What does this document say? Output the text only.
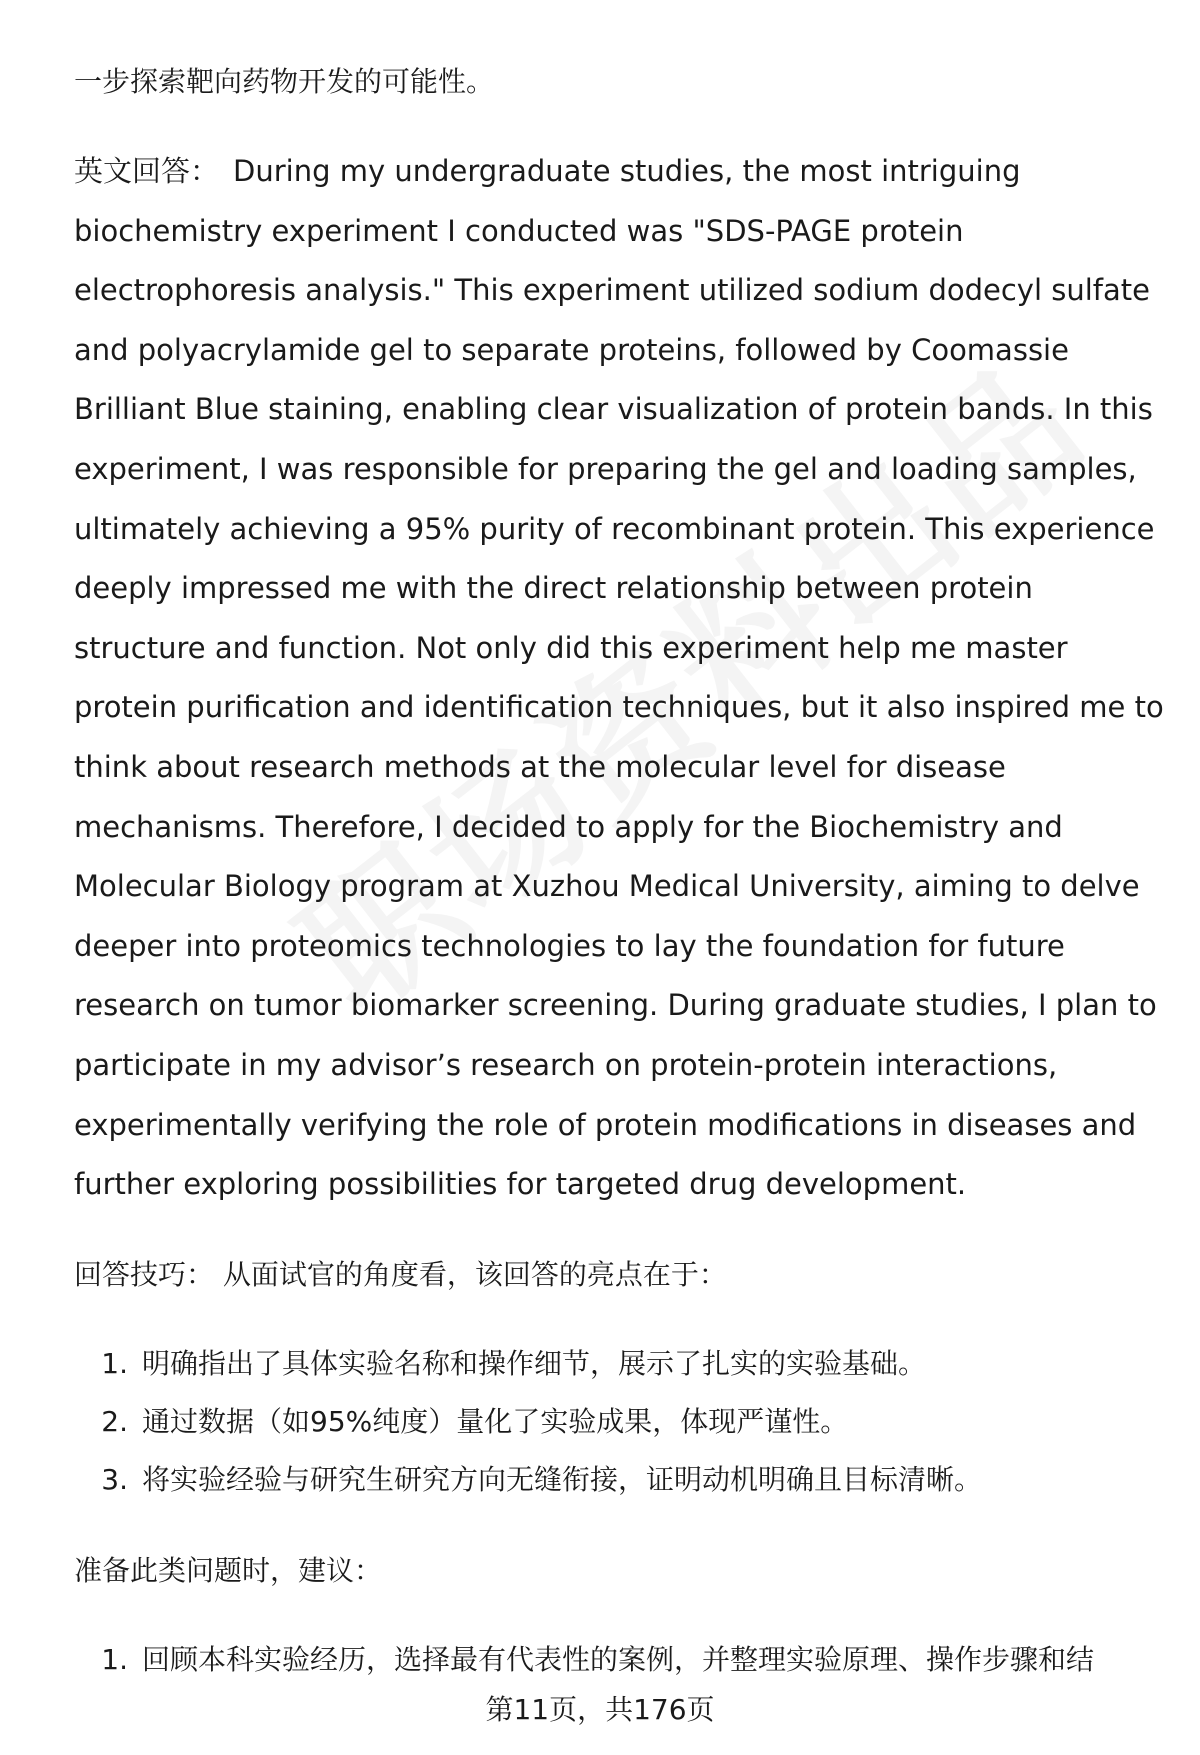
一步探索靶向药物开发的可能性。

英文回答： During my undergraduate studies, the most intriguing biochemistry experiment I conducted was "SDS-PAGE protein electrophoresis analysis." This experiment utilized sodium dodecyl sulfate and polyacrylamide gel to separate proteins, followed by Coomassie Brilliant Blue staining, enabling clear visualization of protein bands. In this experiment, I was responsible for preparing the gel and loading samples, ultimately achieving a 95% purity of recombinant protein. This experience deeply impressed me with the direct relationship between protein structure and function. Not only did this experiment help me master protein purification and identification techniques, but it also inspired me to think about research methods at the molecular level for disease mechanisms. Therefore, I decided to apply for the Biochemistry and Molecular Biology program at Xuzhou Medical University, aiming to delve deeper into proteomics technologies to lay the foundation for future research on tumor biomarker screening. During graduate studies, I plan to participate in my advisor’s research on protein-protein interactions, experimentally verifying the role of protein modifications in diseases and further exploring possibilities for targeted drug development.

回答技巧： 从面试官的角度看，该回答的亮点在于：

1. 明确指出了具体实验名称和操作细节，展示了扎实的实验基础。
2. 通过数据（如95%纯度）量化了实验成果，体现严谨性。
3. 将实验经验与研究生研究方向无缝衔接，证明动机明确且目标清晰。

准备此类问题时，建议：

1. 回顾本科实验经历，选择最有代表性的案例，并整理实验原理、操作步骤和结
第11页，共176页
